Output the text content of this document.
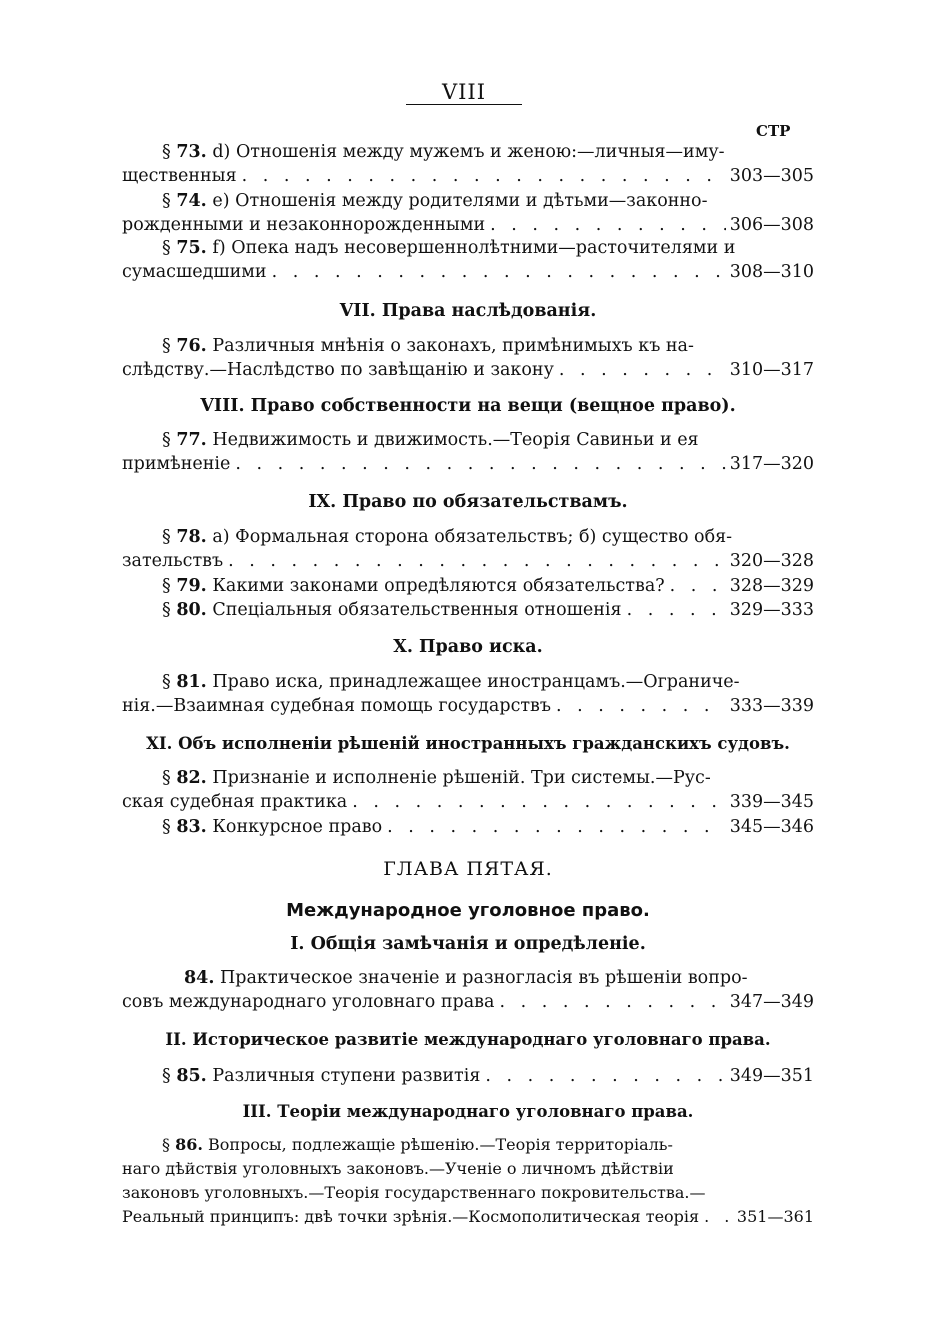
VIII
СТР
§ 73. d) Отношенія между мужемъ и женою:—личныя—иму-
щественныя . . .	303—305
§ 74. е) Отношенія между родителями и дѣтьми—законно-
рожденными и незаконнорожденными . . .	306—308
§ 75. f) Опека надъ несовершеннолѣтними—расточителями и
сумасшедшими . . .	308—310
VII. Права наслѣдованія.
§ 76. Различныя мнѣнія о законахъ, примѣнимыхъ къ на-
слѣдству.—Наслѣдство по завѣщанію и закону . . .	310—317
VIII. Право собственности на вещи (вещное право).
§ 77. Недвижимость и движимость.—Теорія Савиньи и ея
примѣненіе . . .	317—320
IX. Право по обязательствамъ.
§ 78. а) Формальная сторона обязательствъ; б) существо обя-
зательствъ . . .	320—328
§ 79. Какими законами опредѣляются обязательства? . . .	328—329
§ 80. Спеціальныя обязательственныя отношенія . . .	329—333
X. Право иска.
§ 81. Право иска, принадлежащее иностранцамъ.—Ограниче-
нія.—Взаимная судебная помощь государствъ . . .	333—339
XI. Объ исполненіи рѣшеній иностранныхъ гражданскихъ судовъ.
§ 82. Признаніе и исполненіе рѣшеній. Три системы.—Рус-
ская судебная практика . . .	339—345
§ 83. Конкурсное право . . .	345—346
ГЛАВА ПЯТАЯ.
Международное уголовное право.
I. Общія замѣчанія и опредѣленіе.
84. Практическое значеніе и разногласія въ рѣшеніи вопро-
совъ международнаго уголовнаго права . . .	347—349
II. Историческое развитіе международнаго уголовнаго права.
§ 85. Различныя ступени развитія . . .	349—351
III. Теоріи международнаго уголовнаго права.
§ 86. Вопросы, подлежащіе рѣшенію.—Теорія территоріаль-
наго дѣйствія уголовныхъ законовъ.—Ученіе о личномъ дѣйствіи
законовъ уголовныхъ.—Теорія государственнаго покровительства.—
Реальный принципъ: двѣ точки зрѣнія.—Космополитическая теорія . . . 351—361
